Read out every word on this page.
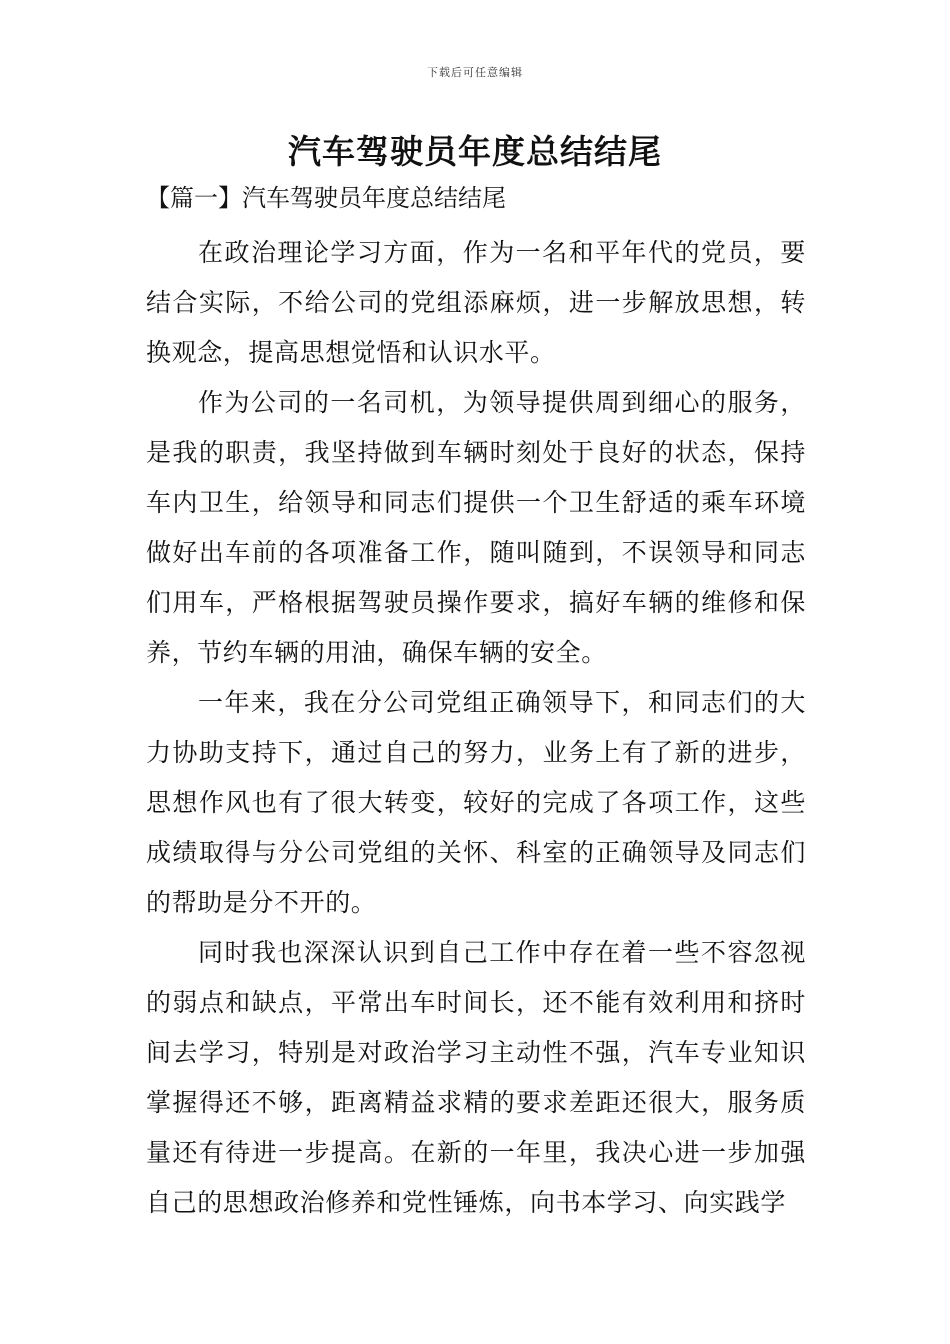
下载后可任意编辑
汽车驾驶员年度总结结尾
【篇一】汽车驾驶员年度总结结尾

在政治理论学习方面，作为一名和平年代的党员，要结合实际，不给公司的党组添麻烦，进一步解放思想，转换观念，提高思想觉悟和认识水平。

作为公司的一名司机，为领导提供周到细心的服务，是我的职责，我坚持做到车辆时刻处于良好的状态，保持车内卫生，给领导和同志们提供一个卫生舒适的乘车环境做好出车前的各项准备工作，随叫随到，不误领导和同志们用车，严格根据驾驶员操作要求，搞好车辆的维修和保养，节约车辆的用油，确保车辆的安全。

一年来，我在分公司党组正确领导下，和同志们的大力协助支持下，通过自己的努力，业务上有了新的进步，思想作风也有了很大转变，较好的完成了各项工作，这些成绩取得与分公司党组的关怀、科室的正确领导及同志们的帮助是分不开的。

同时我也深深认识到自己工作中存在着一些不容忽视的弱点和缺点，平常出车时间长，还不能有效利用和挤时间去学习，特别是对政治学习主动性不强，汽车专业知识掌握得还不够，距离精益求精的要求差距还很大，服务质量还有待进一步提高。在新的一年里，我决心进一步加强自己的思想政治修养和党性锤炼，向书本学习、向实践学
